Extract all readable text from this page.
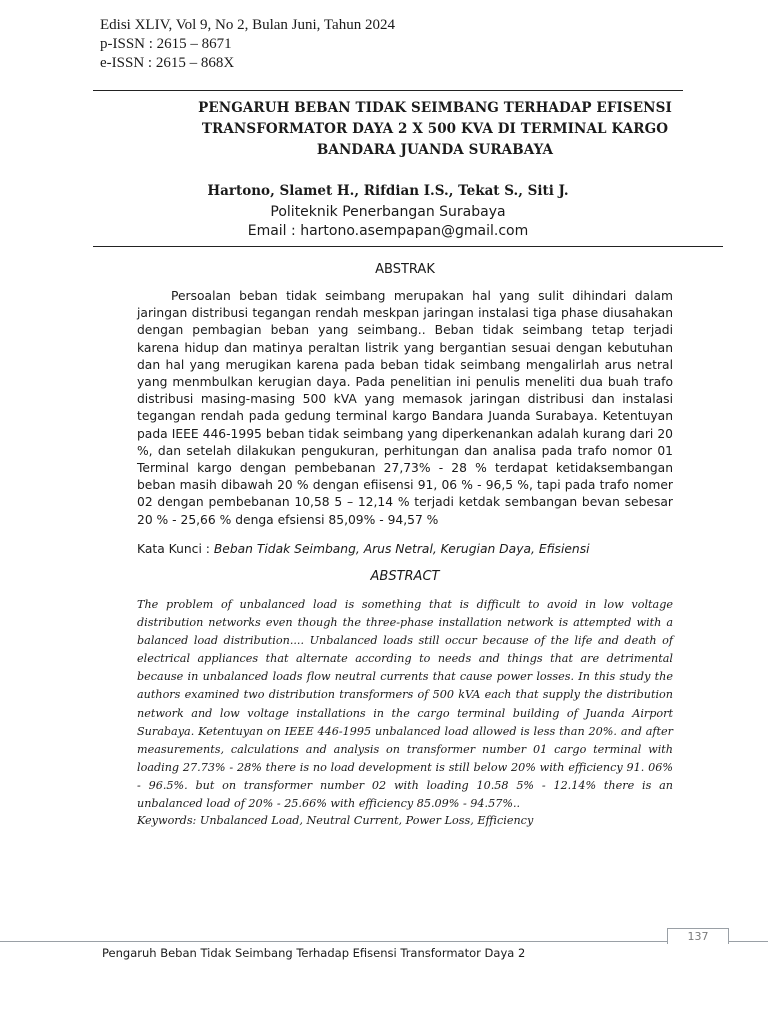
Edisi XLIV, Vol 9, No 2, Bulan Juni, Tahun 2024
p-ISSN : 2615 – 8671
e-ISSN : 2615 – 868X
PENGARUH BEBAN TIDAK SEIMBANG TERHADAP EFISENSI
TRANSFORMATOR DAYA 2 X 500 KVA DI TERMINAL KARGO
BANDARA JUANDA SURABAYA
Hartono, Slamet H., Rifdian I.S., Tekat S., Siti J.
Politeknik Penerbangan Surabaya
Email : hartono.asempapan@gmail.com
ABSTRAK

Persoalan beban tidak seimbang merupakan hal yang sulit dihindari dalam jaringan distribusi tegangan rendah meskpan jaringan instalasi tiga phase diusahakan dengan pembagian beban yang seimbang.. Beban tidak seimbang tetap terjadi karena hidup dan matinya peraltan listrik yang bergantian sesuai dengan kebutuhan dan hal yang merugikan karena pada beban tidak seimbang mengalirlah arus netral yang menmbulkan kerugian daya. Pada penelitian ini penulis meneliti dua buah trafo distribusi masing-masing 500 kVA yang memasok jaringan distribusi dan instalasi tegangan rendah pada gedung terminal kargo Bandara Juanda Surabaya. Ketentuyan pada IEEE 446-1995 beban tidak seimbang yang diperkenankan adalah kurang dari 20 %, dan setelah dilakukan pengukuran, perhitungan dan analisa pada trafo nomor 01 Terminal kargo dengan pembebanan 27,73% - 28 % terdapat ketidaksembangan beban masih dibawah 20 % dengan efiisensi 91, 06 % - 96,5 %, tapi pada trafo nomer 02 dengan pembebanan 10,58 5 – 12,14 % terjadi ketdak sembangan bevan sebesar 20 % - 25,66 % denga efsiensi 85,09% - 94,57 %

Kata Kunci : Beban Tidak Seimbang, Arus Netral, Kerugian Daya, Efisiensi
ABSTRACT

The problem of unbalanced load is something that is difficult to avoid in low voltage distribution networks even though the three-phase installation network is attempted with a balanced load distribution.... Unbalanced loads still occur because of the life and death of electrical appliances that alternate according to needs and things that are detrimental because in unbalanced loads flow neutral currents that cause power losses. In this study the authors examined two distribution transformers of 500 kVA each that supply the distribution network and low voltage installations in the cargo terminal building of Juanda Airport Surabaya. Ketentuyan on IEEE 446-1995 unbalanced load allowed is less than 20%. and after measurements, calculations and analysis on transformer number 01 cargo terminal with loading 27.73% - 28% there is no load development is still below 20% with efficiency 91. 06% - 96.5%. but on transformer number 02 with loading 10.58 5% - 12.14% there is an unbalanced load of 20% - 25.66% with efficiency 85.09% - 94.57%..

Keywords: Unbalanced Load, Neutral Current, Power Loss, Efficiency
137
Pengaruh Beban Tidak Seimbang Terhadap Efisensi Transformator Daya 2
